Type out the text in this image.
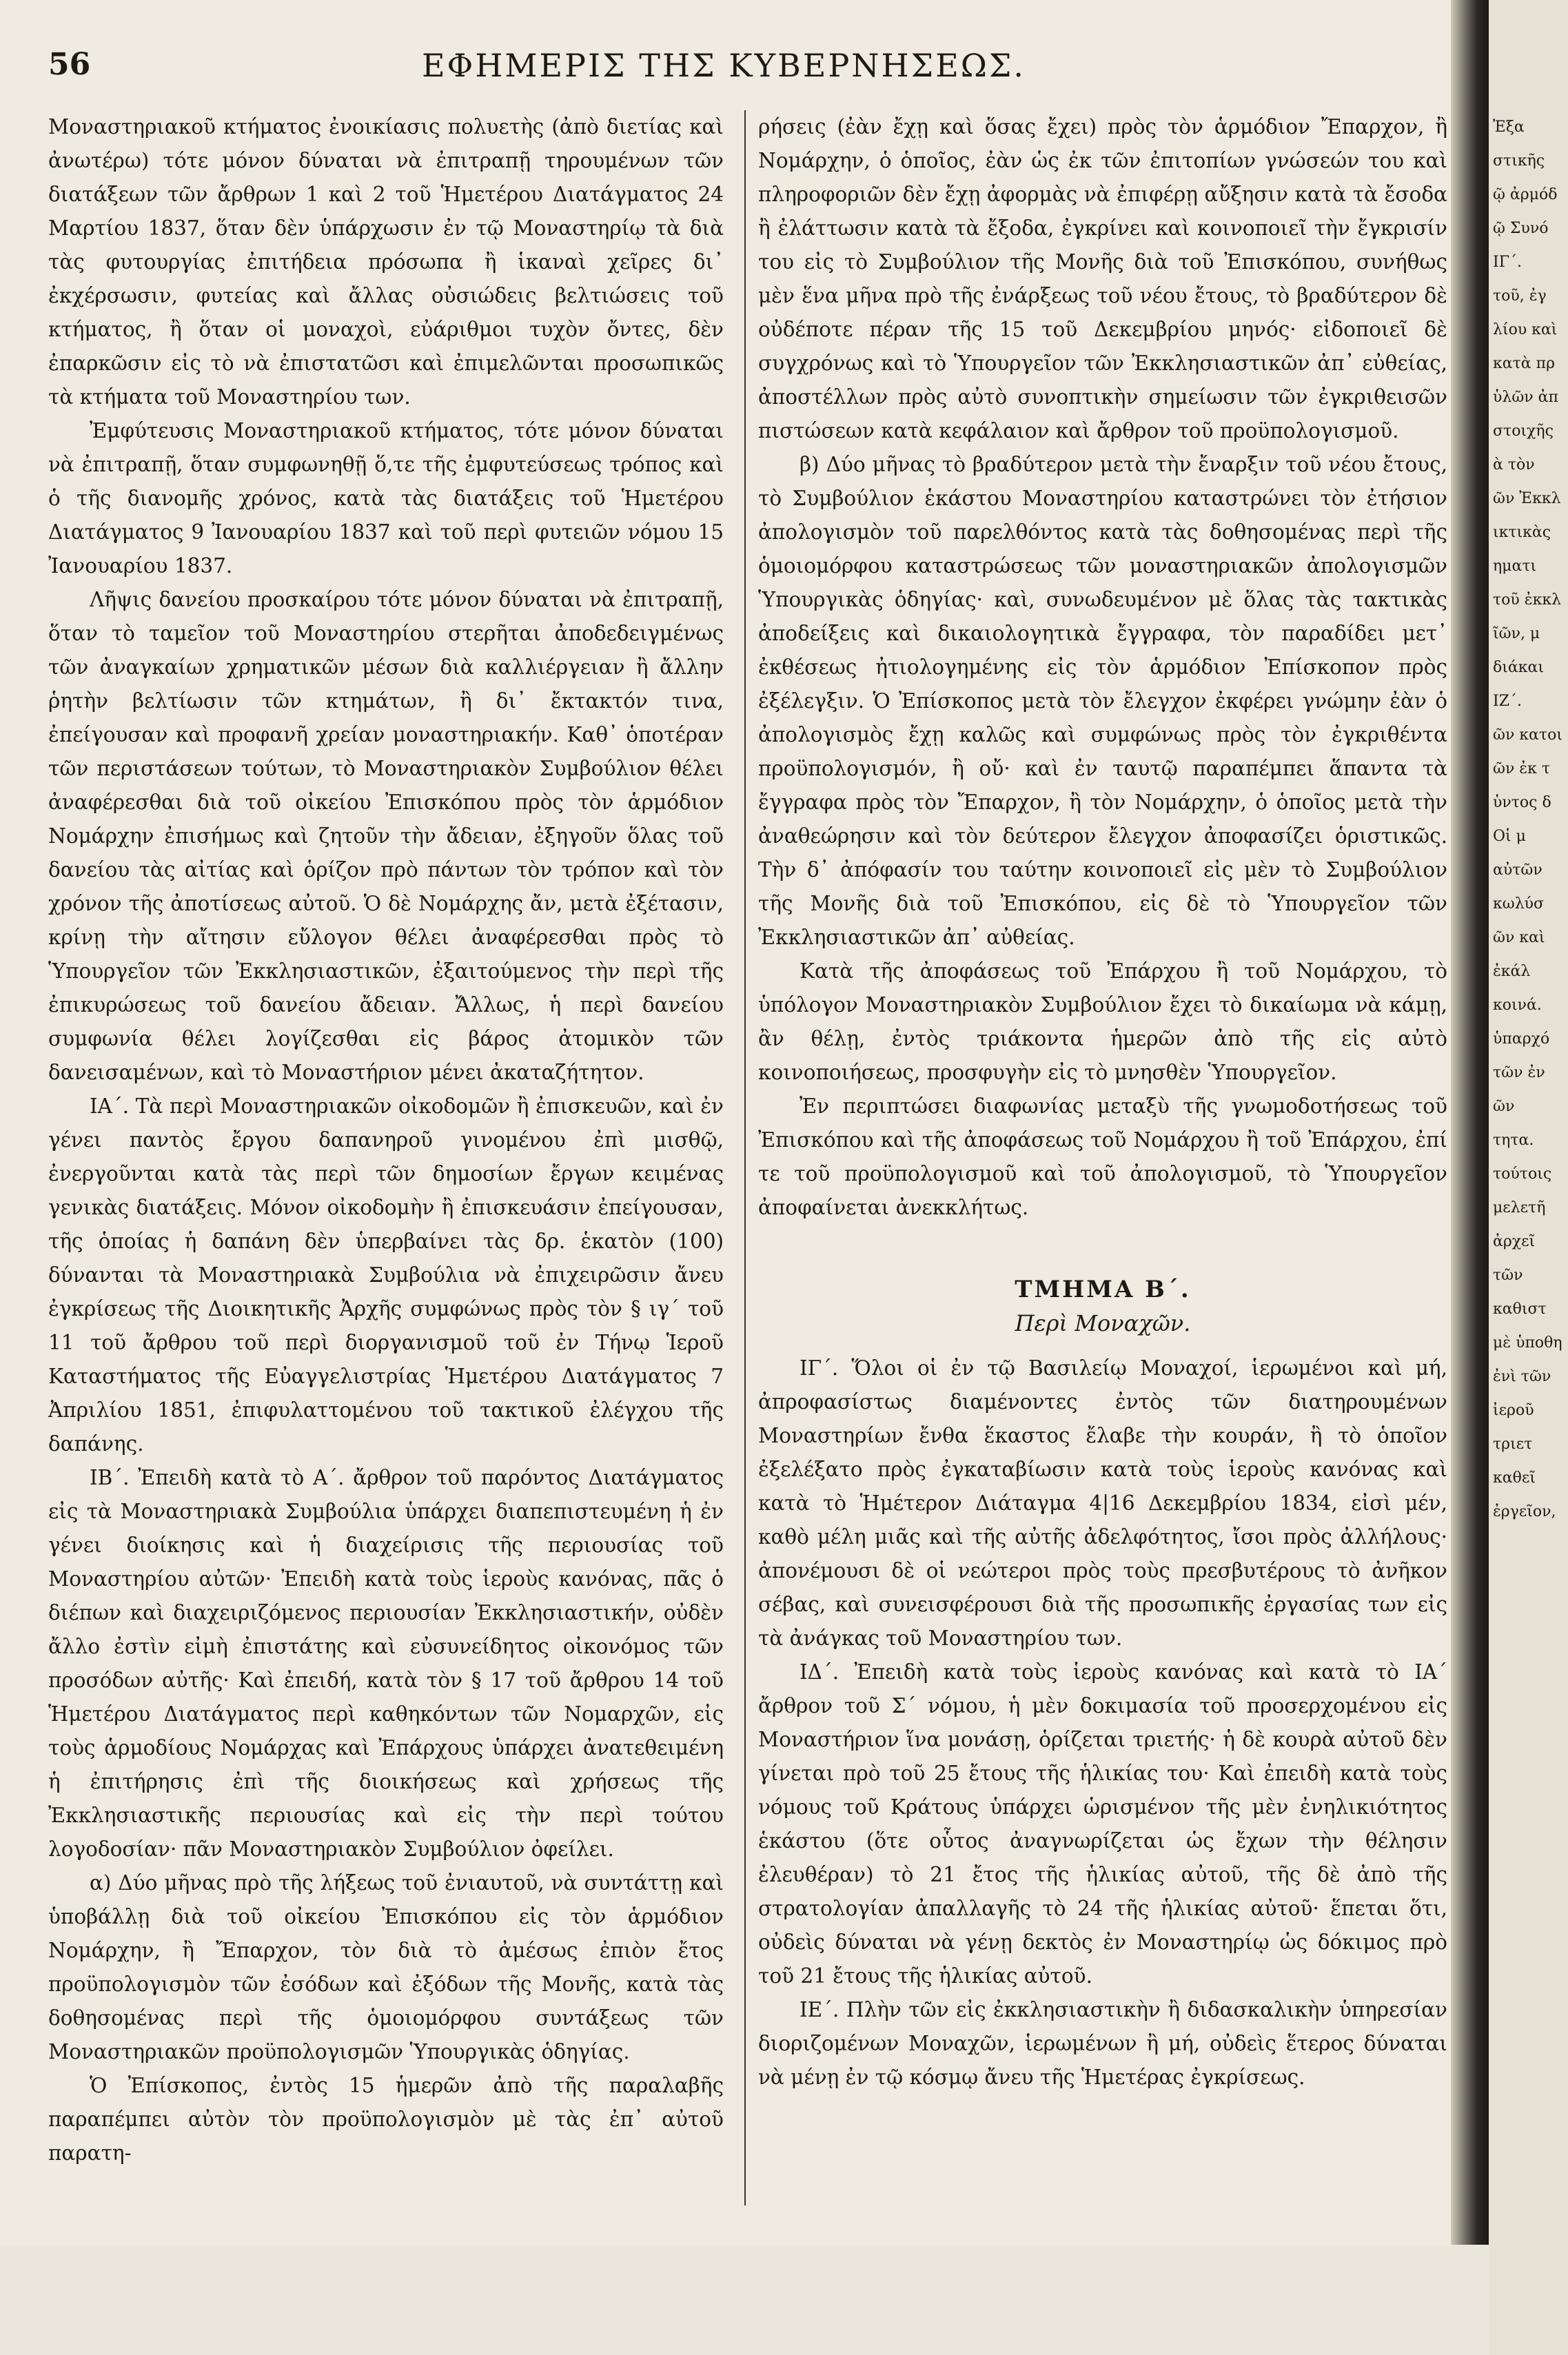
56	ΕΦΗΜΕΡΙΣ ΤΗΣ ΚΥΒΕΡΝΗΣΕΩΣ.

Μοναστηριακοῦ κτήματος ἐνοικίασις πολυετὴς (ἀπὸ διετίας καὶ ἀνωτέρω) τότε μόνον δύναται νὰ ἐπιτραπῇ τηρουμένων τῶν διατάξεων τῶν ἄρθρων 1 καὶ 2 τοῦ Ἡμετέρου Διατάγματος 24 Μαρτίου 1837, ὅταν δὲν ὑπάρχωσιν ἐν τῷ Μοναστηρίῳ τὰ διὰ τὰς φυτουργίας ἐπιτήδεια πρόσωπα ἢ ἱκαναὶ χεῖρες δι᾽ ἐκχέρσωσιν, φυτείας καὶ ἄλλας οὐσιώδεις βελτιώσεις τοῦ κτήματος, ἢ ὅταν οἱ μοναχοὶ, εὐάριθμοι τυχὸν ὄντες, δὲν ἐπαρκῶσιν εἰς τὸ νὰ ἐπιστατῶσι καὶ ἐπιμελῶνται προσωπικῶς τὰ κτήματα τοῦ Μοναστηρίου των.

Ἐμφύτευσις Μοναστηριακοῦ κτήματος, τότε μόνον δύναται νὰ ἐπιτραπῇ, ὅταν συμφωνηθῇ ὅ,τε τῆς ἐμφυτεύσεως τρόπος καὶ ὁ τῆς διανομῆς χρόνος, κατὰ τὰς διατάξεις τοῦ Ἡμετέρου Διατάγματος 9 Ἰανουαρίου 1837 καὶ τοῦ περὶ φυτειῶν νόμου 15 Ἰανουαρίου 1837.

Λῆψις δανείου προσκαίρου τότε μόνον δύναται νὰ ἐπιτραπῇ, ὅταν τὸ ταμεῖον τοῦ Μοναστηρίου στερῆται ἀποδεδειγμένως τῶν ἀναγκαίων χρηματικῶν μέσων διὰ καλλιέργειαν ἢ ἄλλην ῥητὴν βελτίωσιν τῶν κτημάτων, ἢ δι᾽ ἔκτακτόν τινα, ἐπείγουσαν καὶ προφανῆ χρείαν μοναστηριακήν. Καθ᾽ ὁποτέραν τῶν περιστάσεων τούτων, τὸ Μοναστηριακὸν Συμβούλιον θέλει ἀναφέρεσθαι διὰ τοῦ οἰκείου Ἐπισκόπου πρὸς τὸν ἁρμόδιον Νομάρχην ἐπισήμως καὶ ζητοῦν τὴν ἄδειαν, ἐξηγοῦν ὅλας τοῦ δανείου τὰς αἰτίας καὶ ὁρίζον πρὸ πάντων τὸν τρόπον καὶ τὸν χρόνον τῆς ἀποτίσεως αὐτοῦ. Ὁ δὲ Νομάρχης ἄν, μετὰ ἐξέτασιν, κρίνῃ τὴν αἴτησιν εὔλογον θέλει ἀναφέρεσθαι πρὸς τὸ Ὑπουργεῖον τῶν Ἐκκλησιαστικῶν, ἐξαιτούμενος τὴν περὶ τῆς ἐπικυρώσεως τοῦ δανείου ἄδειαν. Ἄλλως, ἡ περὶ δανείου συμφωνία θέλει λογίζεσθαι εἰς βάρος ἀτομικὸν τῶν δανεισαμένων, καὶ τὸ Μοναστήριον μένει ἀκαταζήτητον.

ΙΑ΄. Τὰ περὶ Μοναστηριακῶν οἰκοδομῶν ἢ ἐπισκευῶν, καὶ ἐν γένει παντὸς ἔργου δαπανηροῦ γινομένου ἐπὶ μισθῷ, ἐνεργοῦνται κατὰ τὰς περὶ τῶν δημοσίων ἔργων κειμένας γενικὰς διατάξεις. Μόνον οἰκοδομὴν ἢ ἐπισκευάσιν ἐπείγουσαν, τῆς ὁποίας ἡ δαπάνη δὲν ὑπερβαίνει τὰς δρ. ἑκατὸν (100) δύνανται τὰ Μοναστηριακὰ Συμβούλια νὰ ἐπιχειρῶσιν ἄνευ ἐγκρίσεως τῆς Διοικητικῆς Ἀρχῆς συμφώνως πρὸς τὸν § ιγ΄ τοῦ 11 τοῦ ἄρθρου τοῦ περὶ διοργανισμοῦ τοῦ ἐν Τήνῳ Ἱεροῦ Καταστήματος τῆς Εὐαγγελιστρίας Ἡμετέρου Διατάγματος 7 Ἀπριλίου 1851, ἐπιφυλαττομένου τοῦ τακτικοῦ ἐλέγχου τῆς δαπάνης.

ΙΒ΄. Ἐπειδὴ κατὰ τὸ Α΄. ἄρθρον τοῦ παρόντος Διατάγματος εἰς τὰ Μοναστηριακὰ Συμβούλια ὑπάρχει διαπεπιστευμένη ἡ ἐν γένει διοίκησις καὶ ἡ διαχείρισις τῆς περιουσίας τοῦ Μοναστηρίου αὐτῶν· Ἐπειδὴ κατὰ τοὺς ἱεροὺς κανόνας, πᾶς ὁ διέπων καὶ διαχειριζόμενος περιουσίαν Ἐκκλησιαστικήν, οὐδὲν ἄλλο ἐστὶν εἰμὴ ἐπιστάτης καὶ εὐσυνείδητος οἰκονόμος τῶν προσόδων αὐτῆς· Καὶ ἐπειδή, κατὰ τὸν § 17 τοῦ ἄρθρου 14 τοῦ Ἡμετέρου Διατάγματος περὶ καθηκόντων τῶν Νομαρχῶν, εἰς τοὺς ἁρμοδίους Νομάρχας καὶ Ἐπάρχους ὑπάρχει ἀνατεθειμένη ἡ ἐπιτήρησις ἐπὶ τῆς διοικήσεως καὶ χρήσεως τῆς Ἐκκλησιαστικῆς περιουσίας καὶ εἰς τὴν περὶ τούτου λογοδοσίαν· πᾶν Μοναστηριακὸν Συμβούλιον ὀφείλει.

α) Δύο μῆνας πρὸ τῆς λήξεως τοῦ ἐνιαυτοῦ, νὰ συντάττῃ καὶ ὑποβάλλῃ διὰ τοῦ οἰκείου Ἐπισκόπου εἰς τὸν ἁρμόδιον Νομάρχην, ἢ Ἔπαρχον, τὸν διὰ τὸ ἀμέσως ἐπιὸν ἔτος προϋπολογισμὸν τῶν ἐσόδων καὶ ἐξόδων τῆς Μονῆς, κατὰ τὰς δοθησομένας περὶ τῆς ὁμοιομόρφου συντάξεως τῶν Μοναστηριακῶν προϋπολογισμῶν Ὑπουργικὰς ὁδηγίας.

Ὁ Ἐπίσκοπος, ἐντὸς 15 ἡμερῶν ἀπὸ τῆς παραλαβῆς παραπέμπει αὐτὸν τὸν προϋπολογισμὸν μὲ τὰς ἐπ᾽ αὐτοῦ παρατη-

ρήσεις (ἐὰν ἔχῃ καὶ ὅσας ἔχει) πρὸς τὸν ἁρμόδιον Ἔπαρχον, ἢ Νομάρχην, ὁ ὁποῖος, ἐὰν ὡς ἐκ τῶν ἐπιτοπίων γνώσεών του καὶ πληροφοριῶν δὲν ἔχῃ ἀφορμὰς νὰ ἐπιφέρῃ αὔξησιν κατὰ τὰ ἔσοδα ἢ ἐλάττωσιν κατὰ τὰ ἔξοδα, ἐγκρίνει καὶ κοινοποιεῖ τὴν ἔγκρισίν του εἰς τὸ Συμβούλιον τῆς Μονῆς διὰ τοῦ Ἐπισκόπου, συνήθως μὲν ἕνα μῆνα πρὸ τῆς ἐνάρξεως τοῦ νέου ἔτους, τὸ βραδύτερον δὲ οὐδέποτε πέραν τῆς 15 τοῦ Δεκεμβρίου μηνός· εἰδοποιεῖ δὲ συγχρόνως καὶ τὸ Ὑπουργεῖον τῶν Ἐκκλησιαστικῶν ἀπ᾽ εὐθείας, ἀποστέλλων πρὸς αὐτὸ συνοπτικὴν σημείωσιν τῶν ἐγκριθεισῶν πιστώσεων κατὰ κεφάλαιον καὶ ἄρθρον τοῦ προϋπολογισμοῦ.

β) Δύο μῆνας τὸ βραδύτερον μετὰ τὴν ἔναρξιν τοῦ νέου ἔτους, τὸ Συμβούλιον ἑκάστου Μοναστηρίου καταστρώνει τὸν ἐτήσιον ἀπολογισμὸν τοῦ παρελθόντος κατὰ τὰς δοθησομένας περὶ τῆς ὁμοιομόρφου καταστρώσεως τῶν μοναστηριακῶν ἀπολογισμῶν Ὑπουργικὰς ὁδηγίας· καὶ, συνωδευμένον μὲ ὅλας τὰς τακτικὰς ἀποδείξεις καὶ δικαιολογητικὰ ἔγγραφα, τὸν παραδίδει μετ᾽ ἐκθέσεως ἠτιολογημένης εἰς τὸν ἁρμόδιον Ἐπίσκοπον πρὸς ἐξέλεγξιν. Ὁ Ἐπίσκοπος μετὰ τὸν ἔλεγχον ἐκφέρει γνώμην ἐὰν ὁ ἀπολογισμὸς ἔχῃ καλῶς καὶ συμφώνως πρὸς τὸν ἐγκριθέντα προϋπολογισμόν, ἢ οὔ· καὶ ἐν ταυτῷ παραπέμπει ἅπαντα τὰ ἔγγραφα πρὸς τὸν Ἔπαρχον, ἢ τὸν Νομάρχην, ὁ ὁποῖος μετὰ τὴν ἀναθεώρησιν καὶ τὸν δεύτερον ἔλεγχον ἀποφασίζει ὁριστικῶς. Τὴν δ᾽ ἀπόφασίν του ταύτην κοινοποιεῖ εἰς μὲν τὸ Συμβούλιον τῆς Μονῆς διὰ τοῦ Ἐπισκόπου, εἰς δὲ τὸ Ὑπουργεῖον τῶν Ἐκκλησιαστικῶν ἀπ᾽ αὐθείας.

Κατὰ τῆς ἀποφάσεως τοῦ Ἐπάρχου ἢ τοῦ Νομάρχου, τὸ ὑπόλογον Μοναστηριακὸν Συμβούλιον ἔχει τὸ δικαίωμα νὰ κάμῃ, ἂν θέλῃ, ἐντὸς τριάκοντα ἡμερῶν ἀπὸ τῆς εἰς αὐτὸ κοινοποιήσεως, προσφυγὴν εἰς τὸ μνησθὲν Ὑπουργεῖον.

Ἐν περιπτώσει διαφωνίας μεταξὺ τῆς γνωμοδοτήσεως τοῦ Ἐπισκόπου καὶ τῆς ἀποφάσεως τοῦ Νομάρχου ἢ τοῦ Ἐπάρχου, ἐπί τε τοῦ προϋπολογισμοῦ καὶ τοῦ ἀπολογισμοῦ, τὸ Ὑπουργεῖον ἀποφαίνεται ἀνεκκλήτως.

ΤΜΗΜΑ Β΄.

Περὶ Μοναχῶν.

ΙΓ΄. Ὅλοι οἱ ἐν τῷ Βασιλείῳ Μοναχοί, ἱερωμένοι καὶ μή, ἀπροφασίστως διαμένοντες ἐντὸς τῶν διατηρουμένων Μοναστηρίων ἔνθα ἕκαστος ἔλαβε τὴν κουράν, ἢ τὸ ὁποῖον ἐξελέξατο πρὸς ἐγκαταβίωσιν κατὰ τοὺς ἱεροὺς κανόνας καὶ κατὰ τὸ Ἡμέτερον Διάταγμα 4|16 Δεκεμβρίου 1834, εἰσὶ μέν, καθὸ μέλη μιᾶς καὶ τῆς αὐτῆς ἀδελφότητος, ἴσοι πρὸς ἀλλήλους· ἀπονέμουσι δὲ οἱ νεώτεροι πρὸς τοὺς πρεσβυτέρους τὸ ἀνῆκον σέβας, καὶ συνεισφέρουσι διὰ τῆς προσωπικῆς ἐργασίας των εἰς τὰ ἀνάγκας τοῦ Μοναστηρίου των.

ΙΔ΄. Ἐπειδὴ κατὰ τοὺς ἱεροὺς κανόνας καὶ κατὰ τὸ ΙΑ΄ ἄρθρον τοῦ Σ΄ νόμου, ἡ μὲν δοκιμασία τοῦ προσερχομένου εἰς Μοναστήριον ἵνα μονάσῃ, ὁρίζεται τριετής· ἡ δὲ κουρὰ αὐτοῦ δὲν γίνεται πρὸ τοῦ 25 ἔτους τῆς ἡλικίας του· Καὶ ἐπειδὴ κατὰ τοὺς νόμους τοῦ Κράτους ὑπάρχει ὡρισμένον τῆς μὲν ἐνηλικιότητος ἑκάστου (ὅτε οὗτος ἀναγνωρίζεται ὡς ἔχων τὴν θέλησιν ἐλευθέραν) τὸ 21 ἔτος τῆς ἡλικίας αὐτοῦ, τῆς δὲ ἀπὸ τῆς στρατολογίαν ἀπαλλαγῆς τὸ 24 τῆς ἡλικίας αὐτοῦ· ἕπεται ὅτι, οὐδεὶς δύναται νὰ γένῃ δεκτὸς ἐν Μοναστηρίῳ ὡς δόκιμος πρὸ τοῦ 21 ἔτους τῆς ἡλικίας αὐτοῦ.

ΙΕ΄. Πλὴν τῶν εἰς ἐκκλησιαστικὴν ἢ διδασκαλικὴν ὑπηρεσίαν διοριζομένων Μοναχῶν, ἱερωμένων ἢ μή, οὐδεὶς ἕτερος δύναται νὰ μένῃ ἐν τῷ κόσμῳ ἄνευ τῆς Ἡμετέρας ἐγκρίσεως.

Ἐξα
στικῆς
ῷ ἀρμόδ
ῷ Συνό
ΙΓ΄.
τοῦ, ἐγ
λίου καὶ
κατὰ πρ
ὑλῶν ἀπ
στοιχῆς
ὰ τὸν
ῶν Ἐκκλ
ικτικὰς
ηματι
τοῦ ἐκκλ
ῖῶν, μ
διάκαι
ΙΖ΄.
ῶν κατοι
ῶν ἐκ τ
ὑντος δ
Οἱ μ
αὐτῶν
κωλύσ
ῶν καὶ
ἐκάλ
κοινά.
ὑπαρχό
τῶν ἐν
ῶν
τητα.
τούτοις
μελετῆ
ἀρχεῖ
τῶν
καθιστ
μὲ ὑποθη
ἐνὶ τῶν
ἱεροῦ
τριετ
καθεῖ
ἐργεῖον,
